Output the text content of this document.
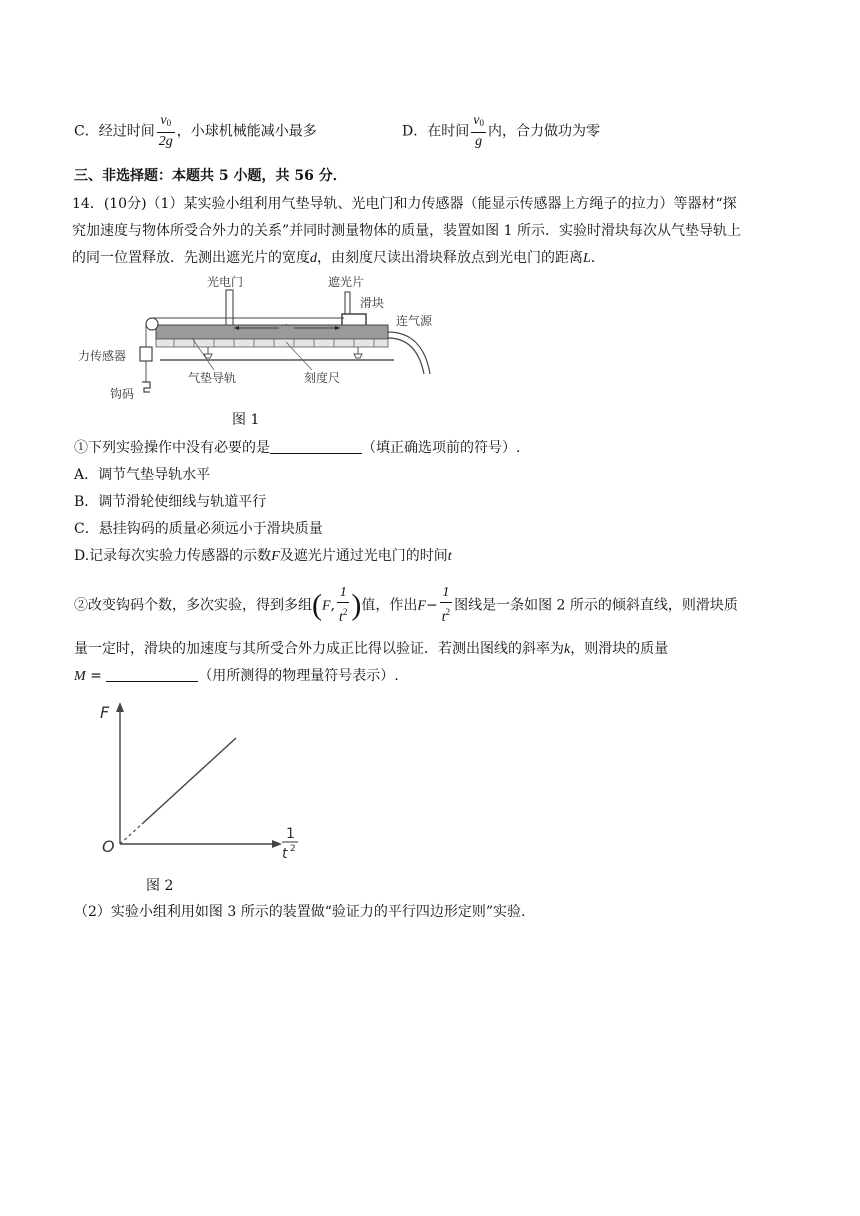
C．经过时间 $\frac{v_0}{2g}$ ，小球机械能减小最多	D．在时间 $\frac{v_0}{g}$ 内，合力做功为零
三、非选择题：本题共 5 小题，共 56 分．
14．(10分)（1）某实验小组利用气垫导轨、光电门和力传感器（能显示传感器上方绳子的拉力）等器材“探
究加速度与物体所受合外力的关系”并同时测量物体的质量，装置如图 1 所示．实验时滑块每次从气垫导轨上
的同一位置释放．先测出遮光片的宽度d，由刻度尺读出滑块释放点到光电门的距离L．
光电门	遮光片
滑块
连气源
力传感器
钩码
气垫导轨	刻度尺
图 1
①下列实验操作中没有必要的是	（填正确选项前的符号）.
A．调节气垫导轨水平
B．调节滑轮使细线与轨道平行
C．悬挂钩码的质量必须远小于滑块质量
D.记录每次实验力传感器的示数F及遮光片通过光电门的时间t
②改变钩码个数，多次实验，得到多组(F, $\frac{1}{t^2}$ )值，作出$F- \frac{1}{t^2}$ 图线是一条如图 2 所示的倾斜直线，则滑块质
量一定时，滑块的加速度与其所受合外力成正比得以验证．若测出图线的斜率为k，则滑块的质量
M =	（用所测得的物理量符号表示）.
F
O
1
t 2
图 2
（2）实验小组利用如图 3 所示的装置做“验证力的平行四边形定则”实验.
